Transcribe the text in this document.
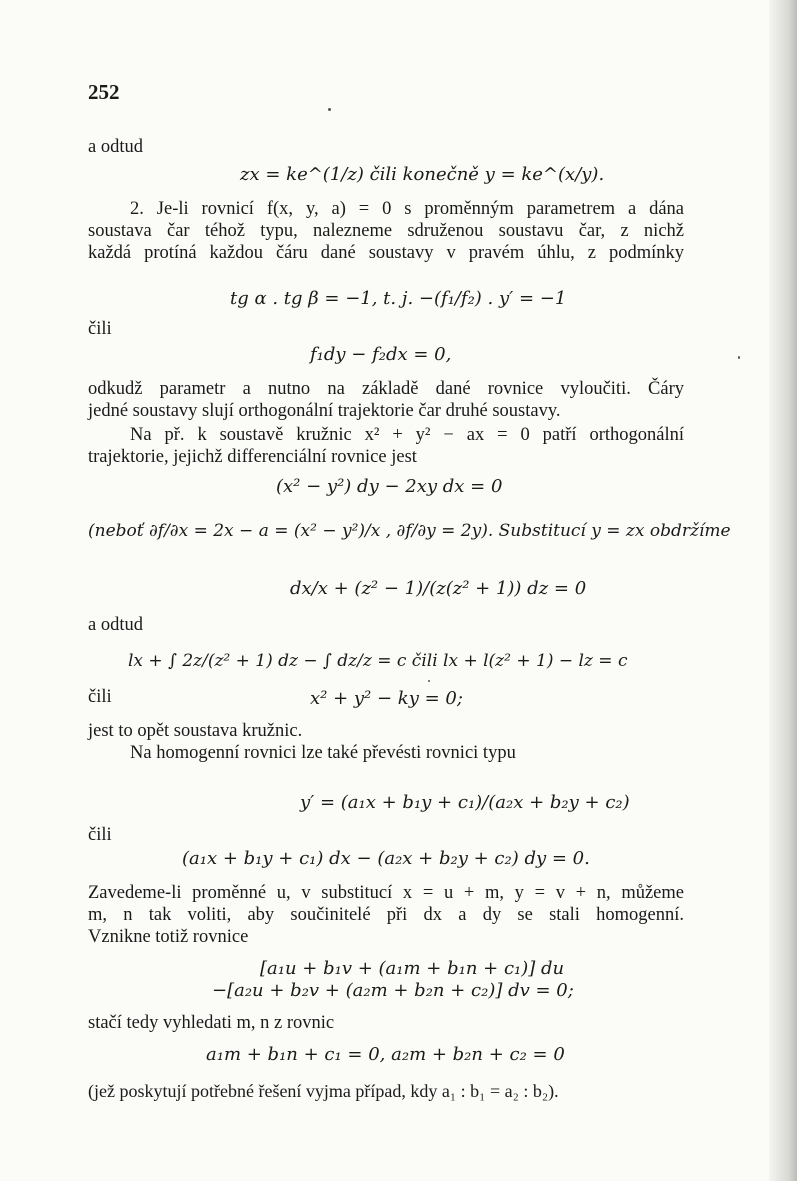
252
a odtud
zx = ke^(1/z) čili konečně y = ke^(x/y).
2. Je-li rovnicí f(x, y, a) = 0 s proměnným parametrem a dána
soustava čar téhož typu, nalezneme sdruženou soustavu čar, z nichž
každá protíná každou čáru dané soustavy v pravém úhlu, z podmínky
tg α . tg β = −1, t. j. −(f₁/f₂) . y′ = −1
čili
f₁dy − f₂dx = 0,
odkudž parametr a nutno na základě dané rovnice vyloučiti. Čáry
jedné soustavy slují orthogonální trajektorie čar druhé soustavy.
Na př. k soustavě kružnic x² + y² − ax = 0 patří orthogonální
trajektorie, jejichž differenciální rovnice jest
(x² − y²) dy − 2xy dx = 0
(neboť ∂f/∂x = 2x − a = (x² − y²)/x , ∂f/∂y = 2y). Substitucí y = zx obdržíme
dx/x + (z² − 1)/(z(z² + 1)) dz = 0
a odtud
lx + ∫ 2z/(z² + 1) dz − ∫ dz/z = c čili lx + l(z² + 1) − lz = c
čili	x² + y² − ky = 0;
jest to opět soustava kružnic.
Na homogenní rovnici lze také převésti rovnici typu
y′ = (a₁x + b₁y + c₁)/(a₂x + b₂y + c₂)
čili
(a₁x + b₁y + c₁) dx − (a₂x + b₂y + c₂) dy = 0.
Zavedeme-li proměnné u, v substitucí x = u + m, y = v + n, můžeme
m, n tak voliti, aby součinitelé při dx a dy se stali homogenní.
Vznikne totiž rovnice
[a₁u + b₁v + (a₁m + b₁n + c₁)] du
−[a₂u + b₂v + (a₂m + b₂n + c₂)] dv = 0;
stačí tedy vyhledati m, n z rovnic
a₁m + b₁n + c₁ = 0, a₂m + b₂n + c₂ = 0
(jež poskytují potřebné řešení vyjma případ, kdy a₁ : b₁ = a₂ : b₂).
